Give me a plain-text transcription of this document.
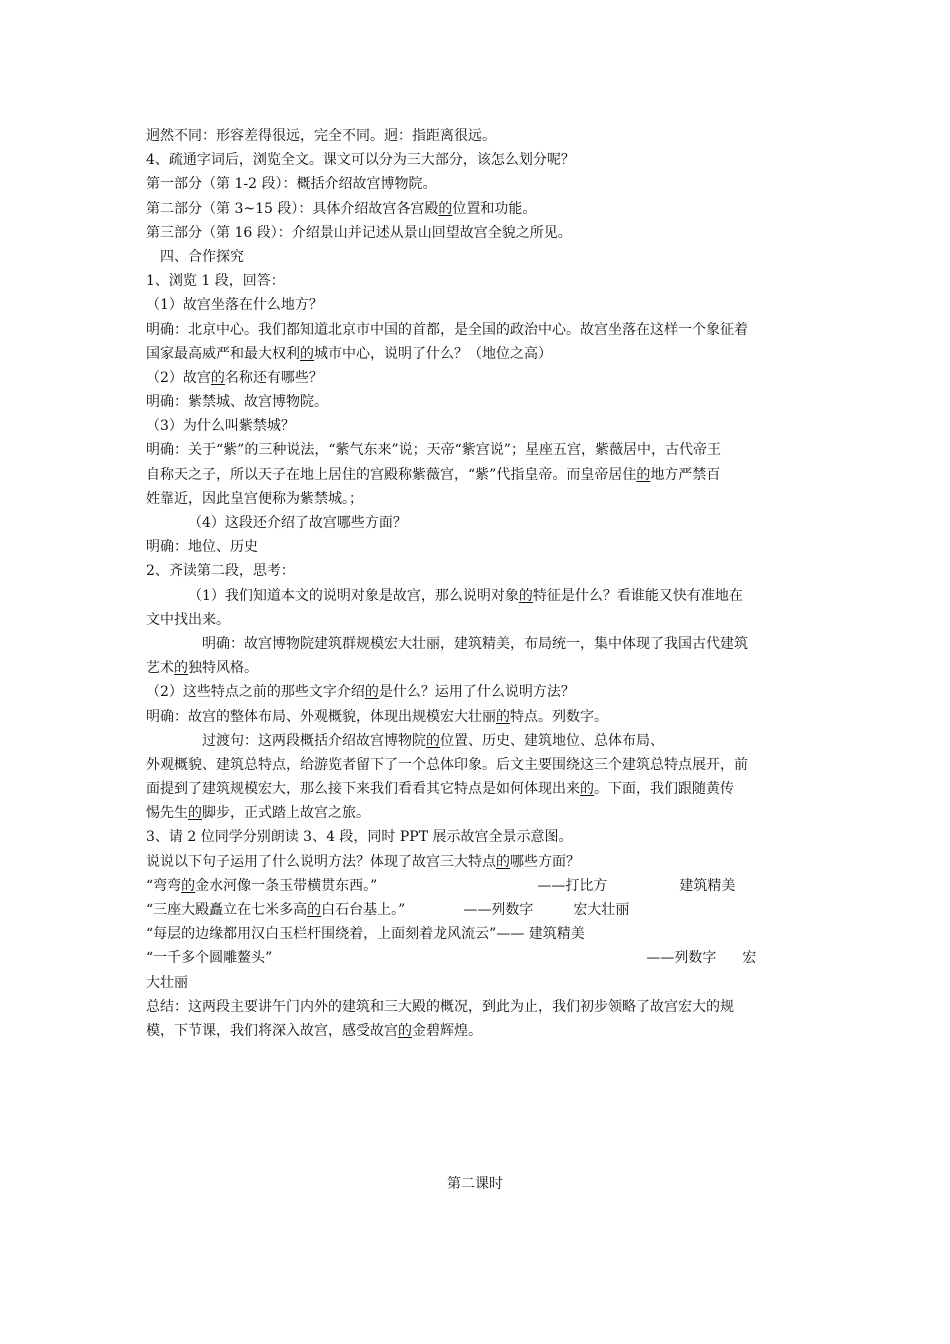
迥然不同：形容差得很远，完全不同。迥：指距离很远。
4、疏通字词后，浏览全文。课文可以分为三大部分，该怎么划分呢？
第一部分（第 1-2 段）：概括介绍故宫博物院。
第二部分（第 3~15 段）：具体介绍故宫各宫殿的位置和功能。
第三部分（第 16 段）：介绍景山并记述从景山回望故宫全貌之所见。
四、合作探究
1、浏览 1 段，回答：
（1）故宫坐落在什么地方？
明确：北京中心。我们都知道北京市中国的首都，是全国的政治中心。故宫坐落在这样一个象征着
国家最高威严和最大权利的城市中心，说明了什么？（地位之高）
（2）故宫的名称还有哪些？
明确：紫禁城、故宫博物院。
（3）为什么叫紫禁城？
明确：关于“紫”的三种说法，“紫气东来”说；天帝“紫宫说”；星座五宫，紫薇居中，古代帝王
自称天之子，所以天子在地上居住的宫殿称紫薇宫，“紫”代指皇帝。而皇帝居住的地方严禁百
姓靠近，因此皇宫便称为紫禁城。；
（4）这段还介绍了故宫哪些方面？
明确：地位、历史
2、齐读第二段，思考：
（1）我们知道本文的说明对象是故宫，那么说明对象的特征是什么？看谁能又快有准地在
文中找出来。
明确：故宫博物院建筑群规模宏大壮丽，建筑精美，布局统一，集中体现了我国古代建筑
艺术的独特风格。
（2）这些特点之前的那些文字介绍的是什么？运用了什么说明方法？
明确：故宫的整体布局、外观概貌，体现出规模宏大壮丽的特点。列数字。
过渡句：这两段概括介绍故宫博物院的位置、历史、建筑地位、总体布局、
外观概貌、建筑总特点，给游览者留下了一个总体印象。后文主要围绕这三个建筑总特点展开，前
面提到了建筑规模宏大，那么接下来我们看看其它特点是如何体现出来的。下面，我们跟随黄传
惕先生的脚步，正式踏上故宫之旅。
3、请 2 位同学分别朗读 3、4 段，同时 PPT 展示故宫全景示意图。
说说以下句子运用了什么说明方法？体现了故宫三大特点的哪些方面？
“弯弯的金水河像一条玉带横贯东西。”	——打比方	建筑精美
“三座大殿矗立在七米多高的白石台基上。”	——列数字	宏大壮丽
“每层的边缘都用汉白玉栏杆围绕着，上面刻着龙风流云”—— 建筑精美
“一千多个圆雕鳌头”	——列数字 宏
大壮丽
总结：这两段主要讲午门内外的建筑和三大殿的概况，到此为止，我们初步领略了故宫宏大的规
模，下节课，我们将深入故宫，感受故宫的金碧辉煌。
第二课时
